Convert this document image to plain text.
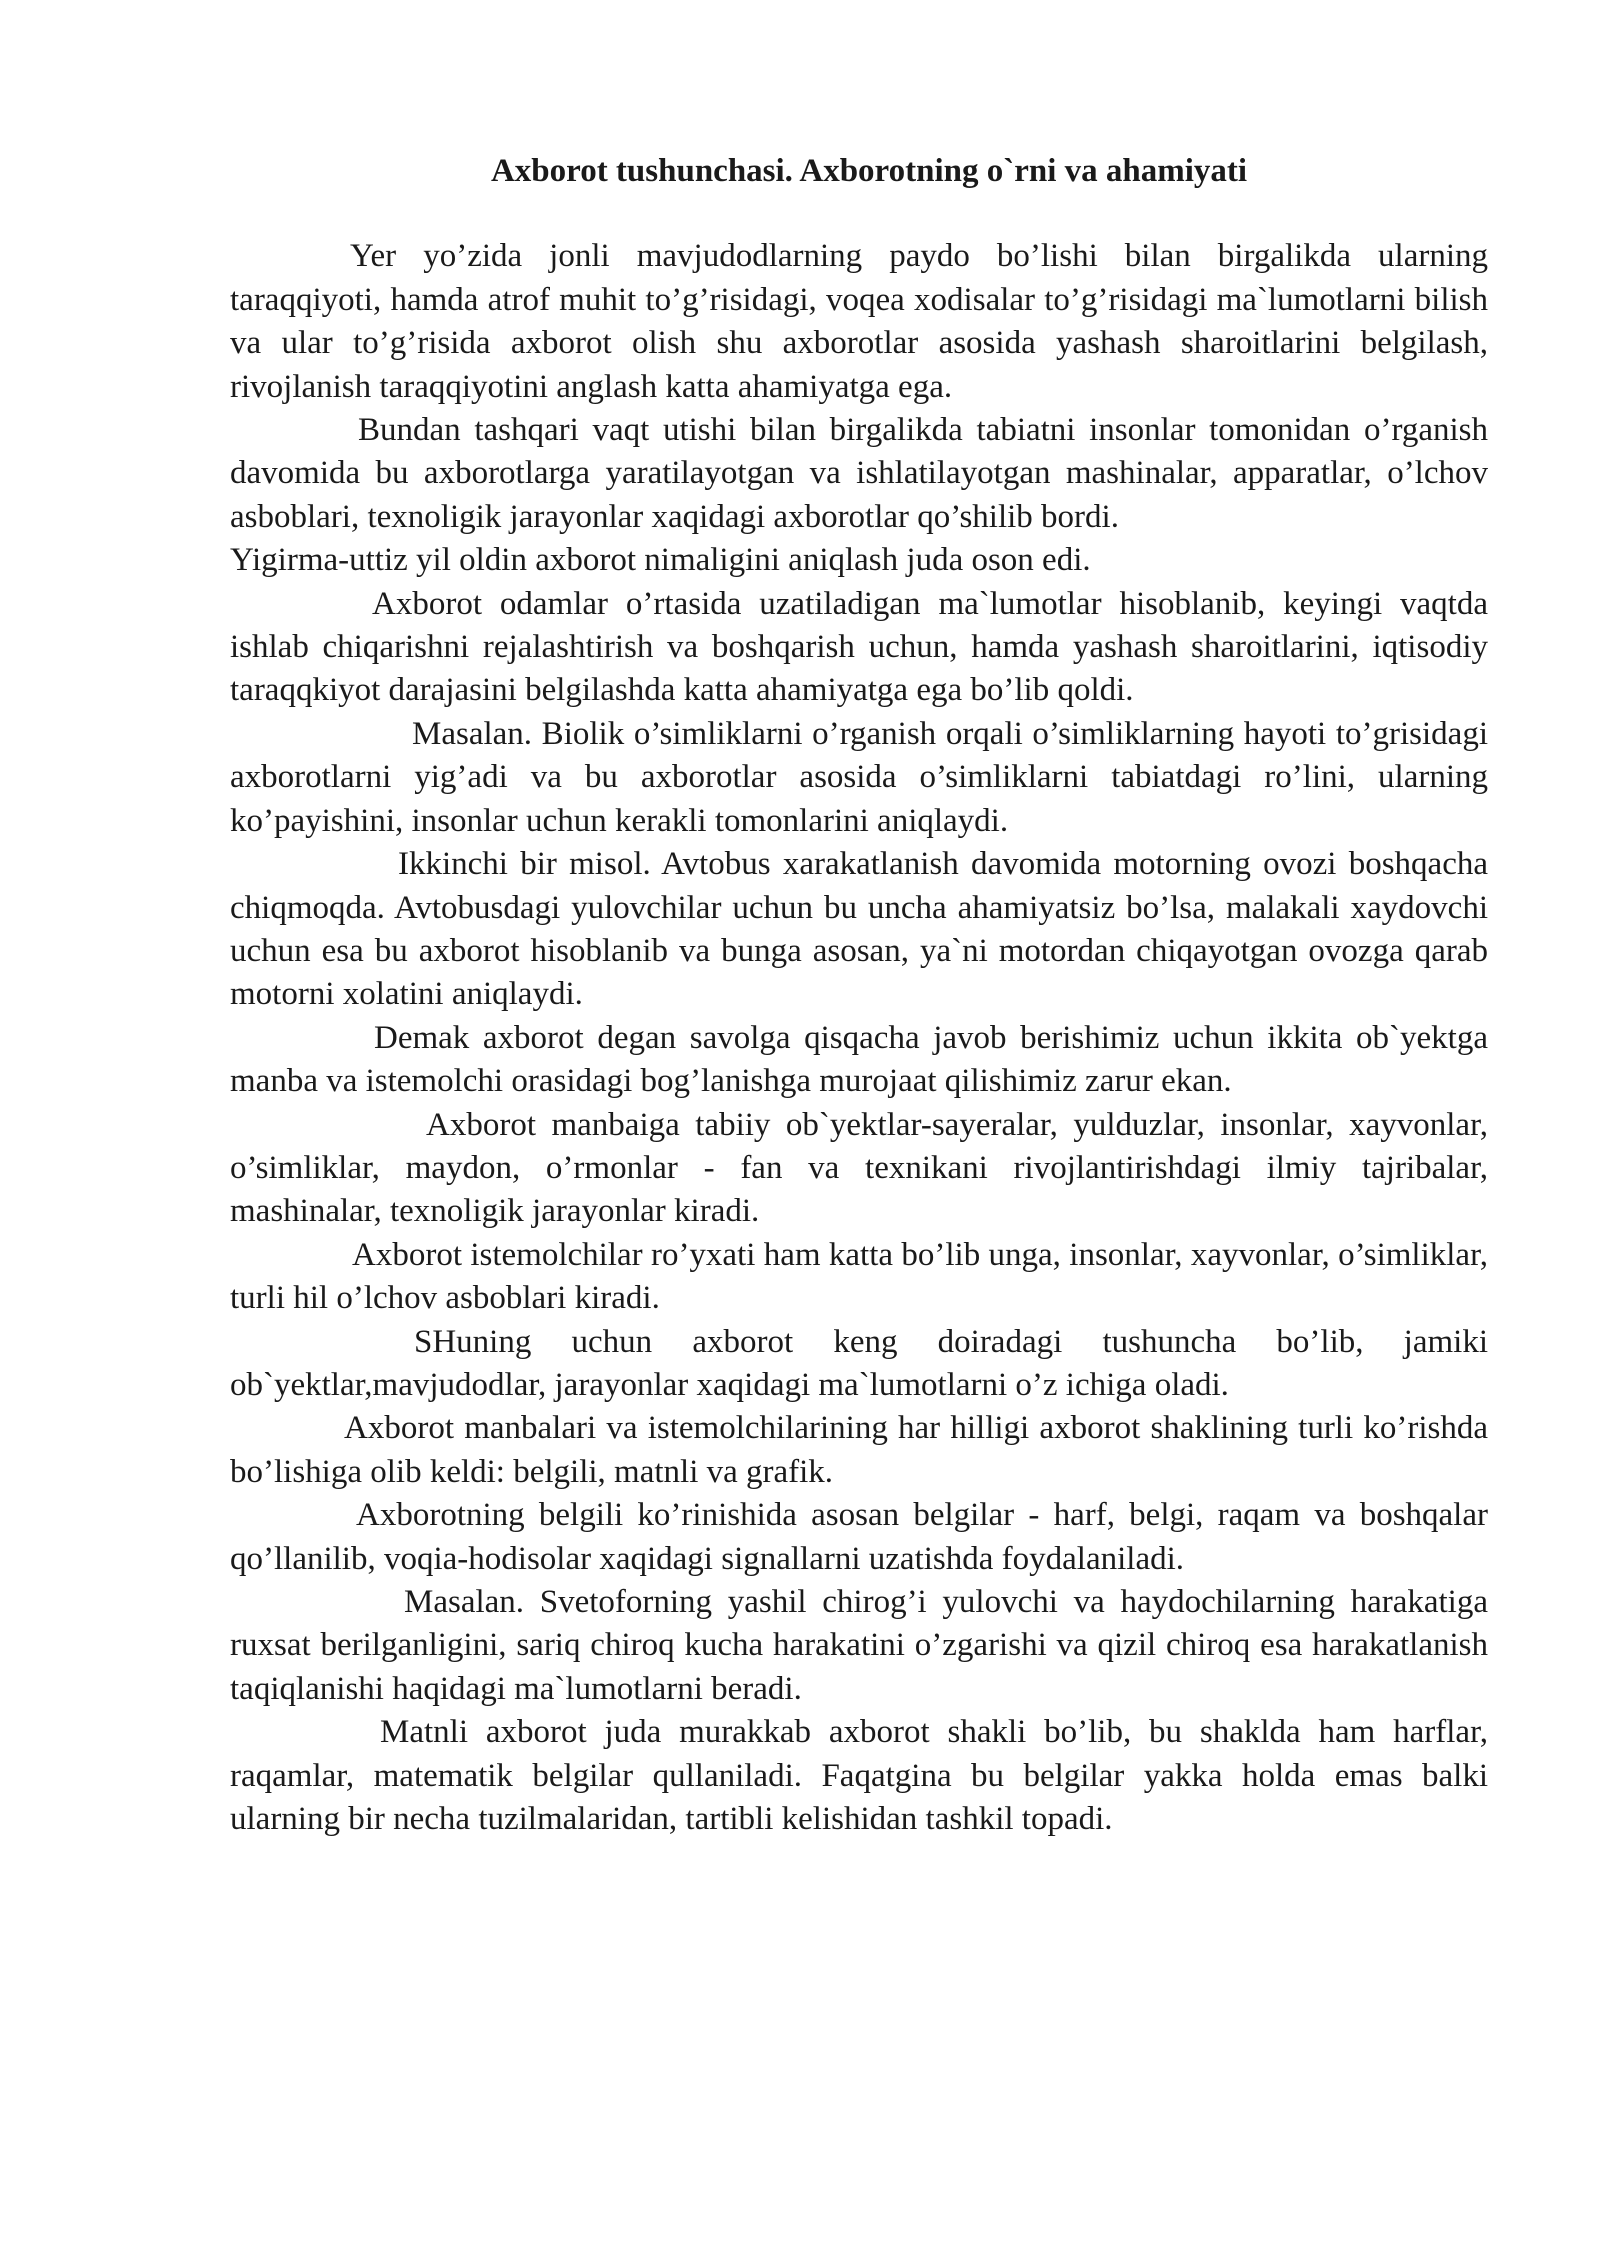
Axborot tushunchasi. Axborotning o`rni va ahamiyati

Yer yo’zida jonli mavjudodlarning paydo bo’lishi bilan birgalikda ularning taraqqiyoti, hamda atrof muhit to’g’risidagi, voqea xodisalar to’g’risidagi ma`lumotlarni bilish va ular to’g’risida axborot olish shu axborotlar asosida yashash sharoitlarini belgilash, rivojlanish taraqqiyotini anglash katta ahamiyatga ega.

Bundan tashqari vaqt utishi bilan birgalikda tabiatni insonlar tomonidan o’rganish davomida bu axborotlarga yaratilayotgan va ishlatilayotgan mashinalar, apparatlar, o’lchov asboblari, texnoligik jarayonlar xaqidagi axborotlar qo’shilib bordi.

Yigirma-uttiz yil oldin axborot nimaligini aniqlash juda oson edi.

Axborot odamlar o’rtasida uzatiladigan ma`lumotlar hisoblanib, keyingi vaqtda ishlab chiqarishni rejalashtirish va boshqarish uchun, hamda yashash sharoitlarini, iqtisodiy taraqqkiyot darajasini belgilashda katta ahamiyatga ega bo’lib qoldi.

Masalan. Biolik o’simliklarni o’rganish orqali o’simliklarning hayoti to’grisidagi axborotlarni yig’adi va bu axborotlar asosida o’simliklarni tabiatdagi ro’lini, ularning ko’payishini, insonlar uchun kerakli tomonlarini aniqlaydi.

Ikkinchi bir misol. Avtobus xarakatlanish davomida motorning ovozi boshqacha chiqmoqda. Avtobusdagi yulovchilar uchun bu uncha ahamiyatsiz bo’lsa, malakali xaydovchi uchun esa bu axborot hisoblanib va bunga asosan, ya`ni motordan chiqayotgan ovozga qarab motorni xolatini aniqlaydi.

Demak axborot degan savolga qisqacha javob berishimiz uchun ikkita ob`yektga manba va istemolchi orasidagi bog’lanishga murojaat qilishimiz zarur ekan.

Axborot manbaiga tabiiy ob`yektlar-sayeralar, yulduzlar, insonlar, xayvonlar, o’simliklar, maydon, o’rmonlar - fan va texnikani rivojlantirishdagi ilmiy tajribalar, mashinalar, texnoligik jarayonlar kiradi.

Axborot istemolchilar ro’yxati ham katta bo’lib unga, insonlar, xayvonlar, o’simliklar, turli hil o’lchov asboblari kiradi.

SHuning uchun axborot keng doiradagi tushuncha bo’lib, jamiki ob`yektlar,mavjudodlar, jarayonlar xaqidagi ma`lumotlarni o’z ichiga oladi.

Axborot manbalari va istemolchilarining har hilligi axborot shaklining turli ko’rishda bo’lishiga olib keldi: belgili, matnli va grafik.

Axborotning belgili ko’rinishida asosan belgilar - harf, belgi, raqam va boshqalar qo’llanilib, voqia-hodisolar xaqidagi signallarni uzatishda foydalaniladi.

Masalan. Svetoforning yashil chirog’i yulovchi va haydochilarning harakatiga ruxsat berilganligini, sariq chiroq kucha harakatini o’zgarishi va qizil chiroq esa harakatlanish taqiqlanishi haqidagi ma`lumotlarni beradi.

Matnli axborot juda murakkab axborot shakli bo’lib, bu shaklda ham harflar, raqamlar, matematik belgilar qullaniladi. Faqatgina bu belgilar yakka holda emas balki ularning bir necha tuzilmalaridan, tartibli kelishidan tashkil topadi.
